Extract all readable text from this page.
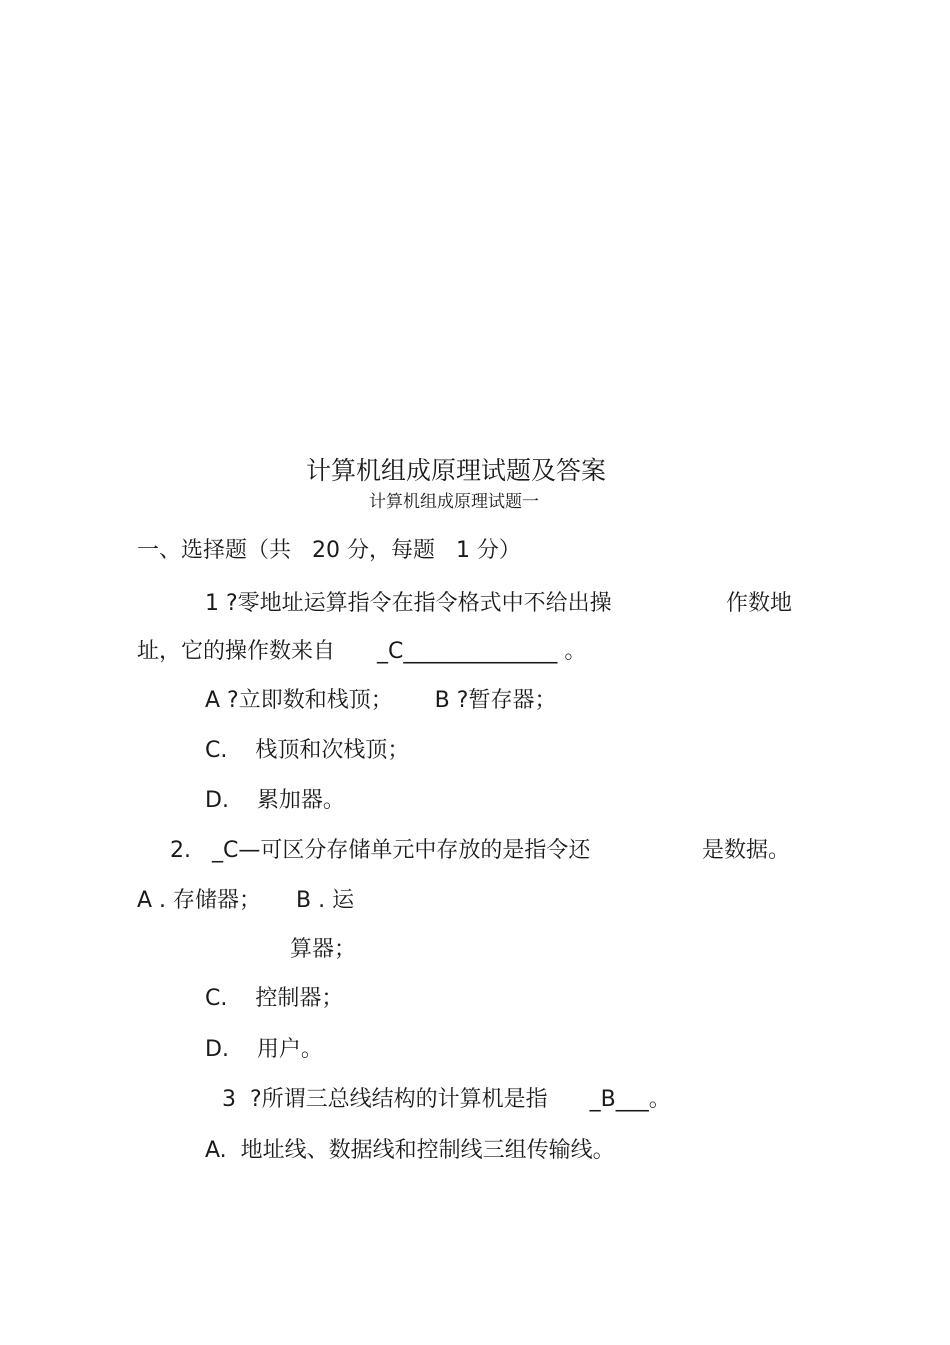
计算机组成原理试题及答案
计算机组成原理试题一
一、选择题（共   20 分，每题   1 分）
1 ?零地址运算指令在指令格式中不给出操	作数地
址，它的操作数来自      _C______________ 。
A ?立即数和栈顶；      B ?暂存器；
C.    栈顶和次栈顶；
D.    累加器。
2.   _C—可区分存储单元中存放的是指令还	是数据。
A . 存储器；     B . 运
算器；
C.    控制器；
D.    用户。
3  ?所谓三总线结构的计算机是指      _B___。
A.  地址线、数据线和控制线三组传输线。
